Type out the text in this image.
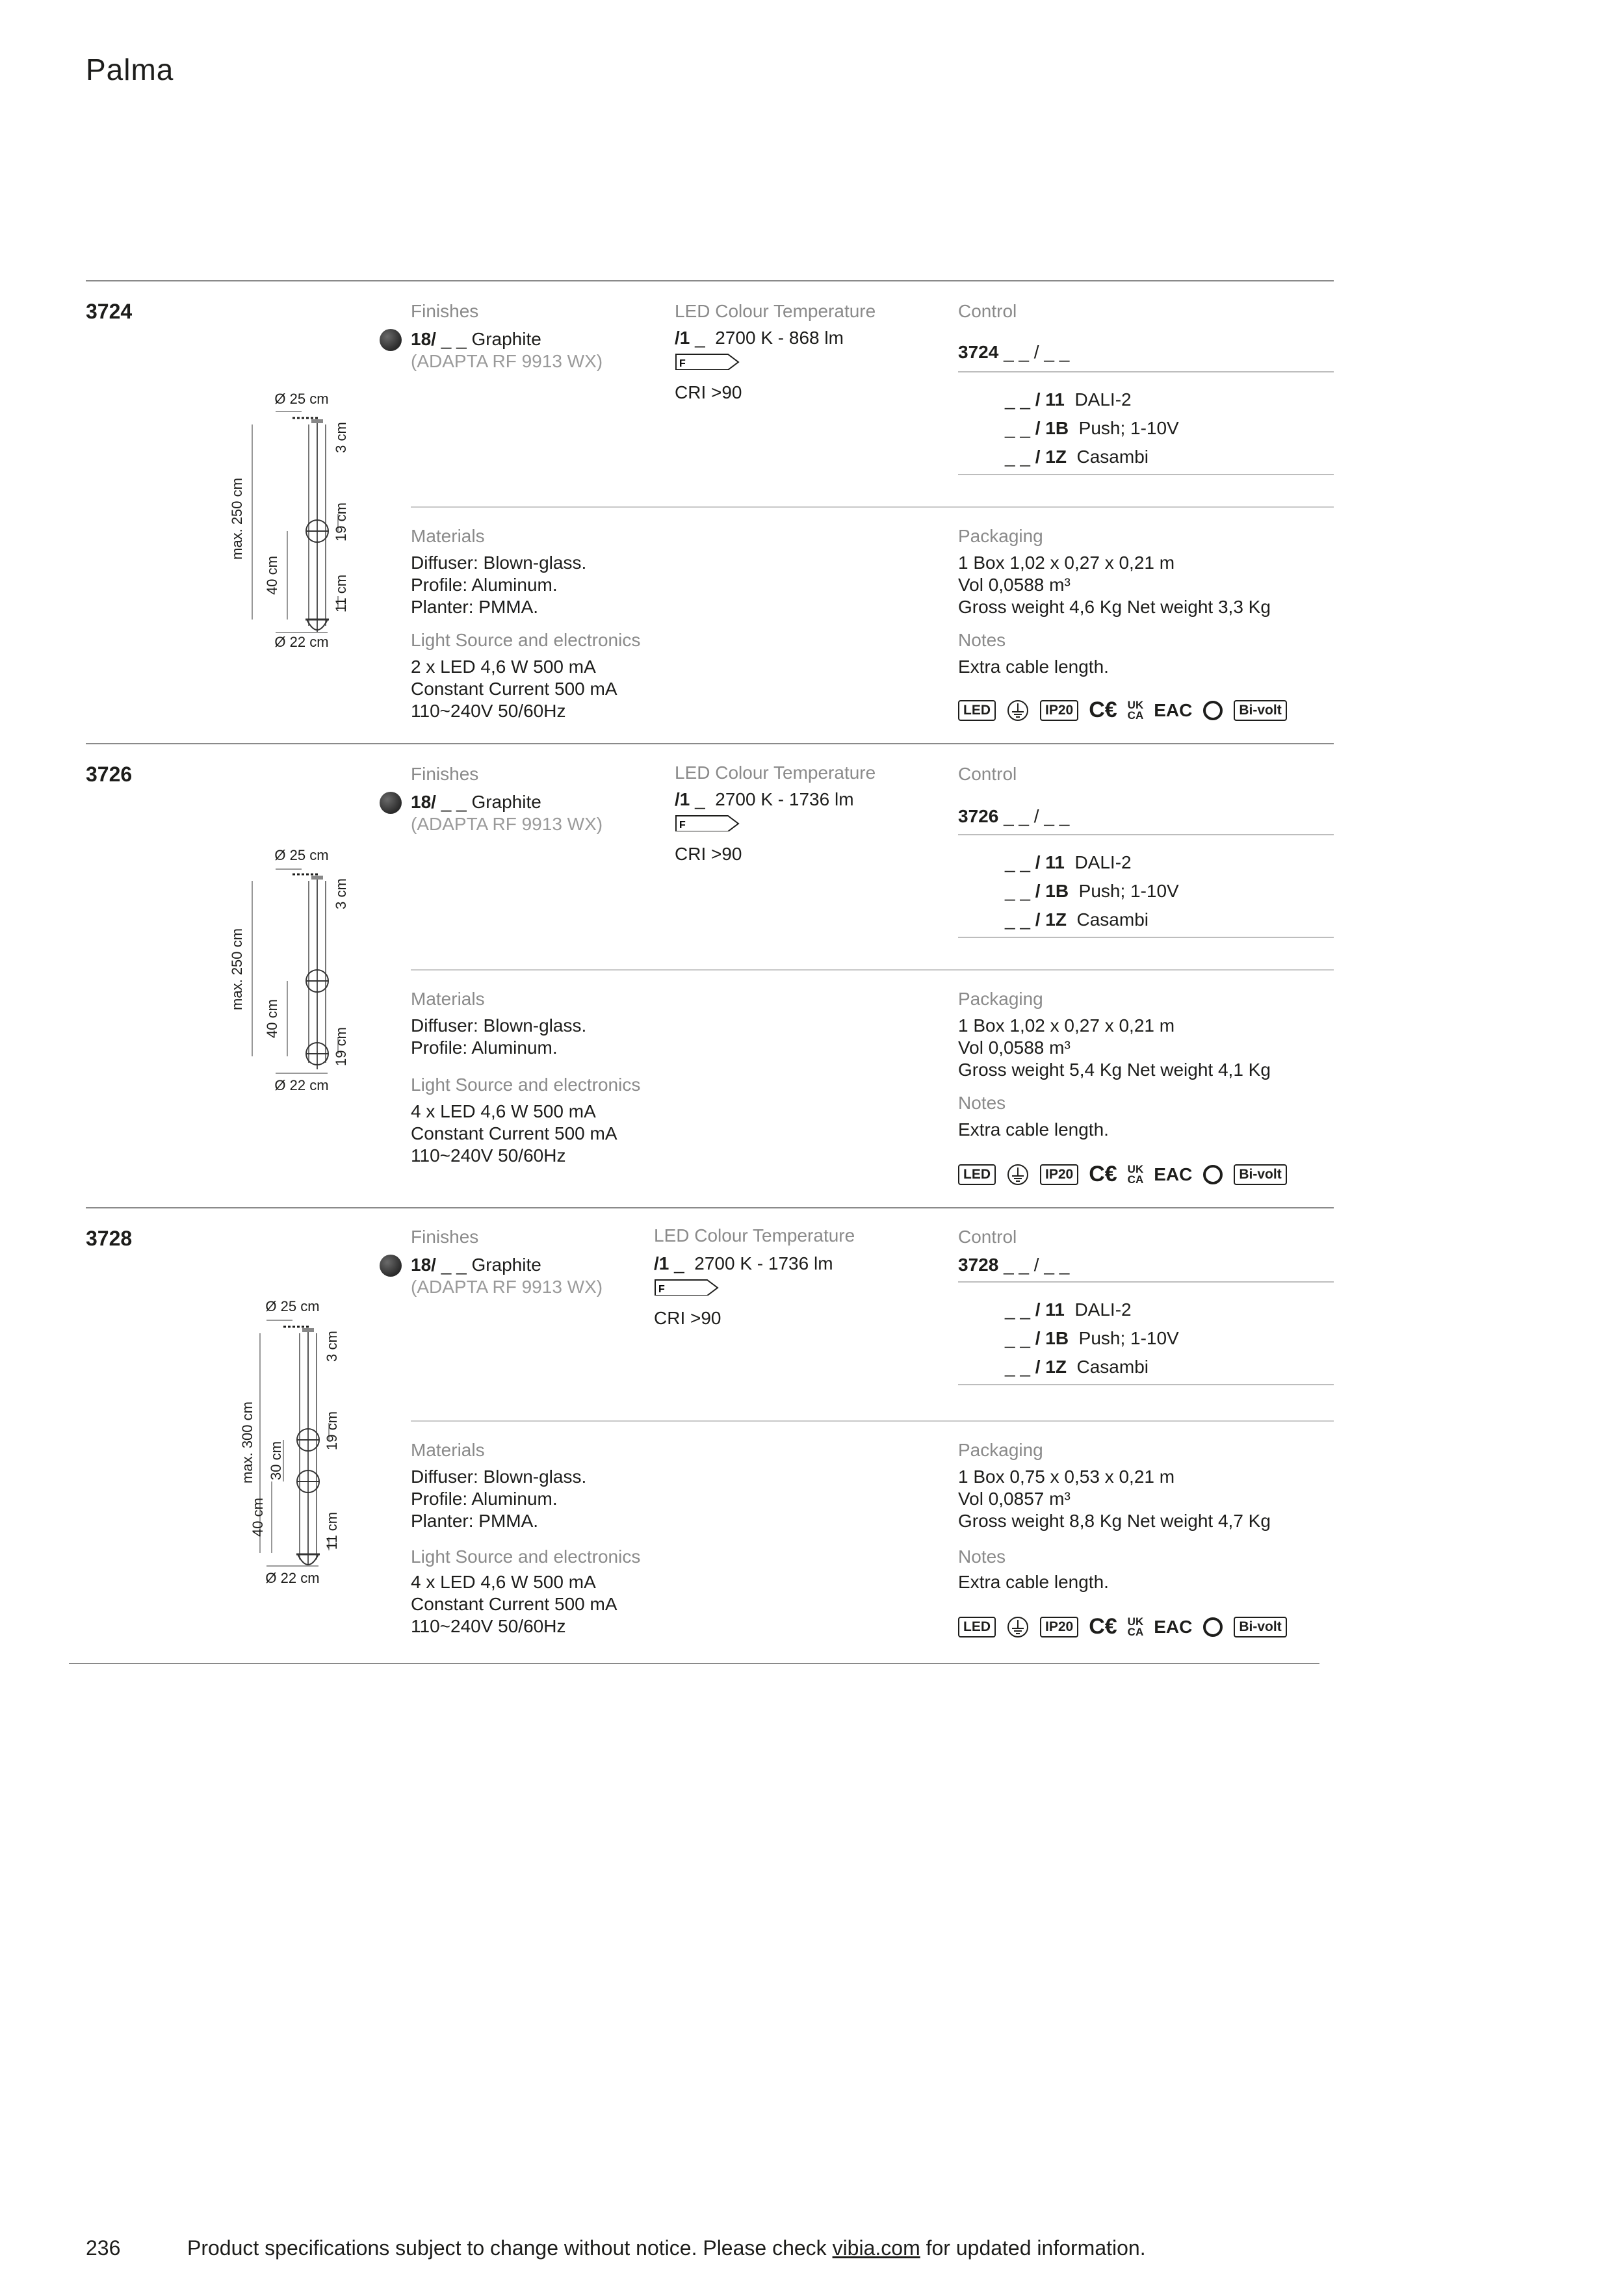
Palma
3724
Ø 25 cm
Ø 22 cm
max. 250 cm
40 cm
3 cm
19 cm
11 cm
Finishes
18/ _ _ Graphite
(ADAPTA RF 9913 WX)
LED Colour Temperature
/1 _ 2700 K - 868 lm
F
CRI >90
Control
3724 _ _ / _ _
_ _ / 11 DALI-2
_ _ / 1B Push; 1-10V
_ _ / 1Z Casambi
Materials
Diffuser: Blown-glass.
Profile: Aluminum.
Planter: PMMA.
Light Source and electronics
2 x LED 4,6 W 500 mA
Constant Current 500 mA
110~240V 50/60Hz
Packaging
1 Box 1,02 x 0,27 x 0,21 m
Vol 0,0588 m³
Gross weight 4,6 Kg Net weight 3,3 Kg
Notes
Extra cable length.
LED	IP20 C€ UK
CA EAC	Bi-volt
3726
Ø 25 cm
Ø 22 cm
max. 250 cm
40 cm
3 cm
19 cm
Finishes
18/ _ _ Graphite
(ADAPTA RF 9913 WX)
LED Colour Temperature
/1 _ 2700 K - 1736 lm
F
CRI >90
Control
3726 _ _ / _ _
_ _ / 11 DALI-2
_ _ / 1B Push; 1-10V
_ _ / 1Z Casambi
Materials
Diffuser: Blown-glass.
Profile: Aluminum.
Light Source and electronics
4 x LED 4,6 W 500 mA
Constant Current 500 mA
110~240V 50/60Hz
Packaging
1 Box 1,02 x 0,27 x 0,21 m
Vol 0,0588 m³
Gross weight 5,4 Kg Net weight 4,1 Kg
Notes
Extra cable length.
LED	IP20 C€ UK
CA EAC	Bi-volt
3728
Ø 25 cm
Ø 22 cm
max. 300 cm 30 cm
40 cm
3 cm
19 cm
11 cm
Finishes
18/ _ _ Graphite
(ADAPTA RF 9913 WX)
LED Colour Temperature
/1 _ 2700 K - 1736 lm
F
CRI >90
Control
3728 _ _ / _ _
_ _ / 11 DALI-2
_ _ / 1B Push; 1-10V
_ _ / 1Z Casambi
Materials
Diffuser: Blown-glass.
Profile: Aluminum.
Planter: PMMA.
Light Source and electronics
4 x LED 4,6 W 500 mA
Constant Current 500 mA
110~240V 50/60Hz
Packaging
1 Box 0,75 x 0,53 x 0,21 m
Vol 0,0857 m³
Gross weight 8,8 Kg Net weight 4,7 Kg
Notes
Extra cable length.
LED	IP20 C€ UK
CA EAC	Bi-volt
236	Product specifications subject to change without notice. Please check vibia.com for updated information.
